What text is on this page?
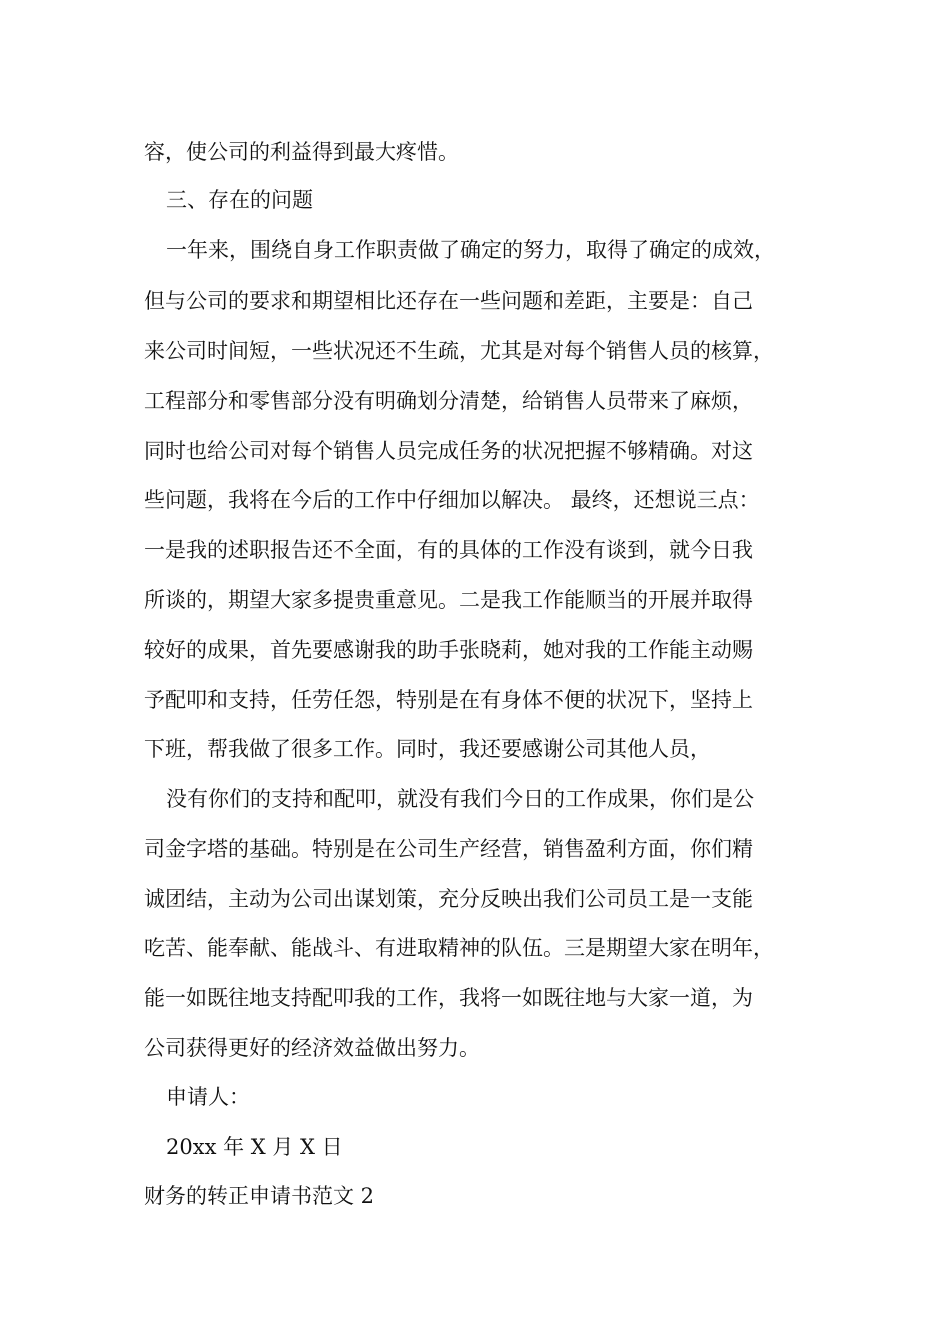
容，使公司的利益得到最大疼惜。
三、存在的问题
一年来，围绕自身工作职责做了确定的努力，取得了确定的成效，
但与公司的要求和期望相比还存在一些问题和差距，主要是：自己
来公司时间短，一些状况还不生疏，尤其是对每个销售人员的核算，
工程部分和零售部分没有明确划分清楚，给销售人员带来了麻烦，
同时也给公司对每个销售人员完成任务的状况把握不够精确。对这
些问题，我将在今后的工作中仔细加以解决。 最终，还想说三点：
一是我的述职报告还不全面，有的具体的工作没有谈到，就今日我
所谈的，期望大家多提贵重意见。二是我工作能顺当的开展并取得
较好的成果，首先要感谢我的助手张晓莉，她对我的工作能主动赐
予配叩和支持，任劳任怨，特别是在有身体不便的状况下，坚持上
下班，帮我做了很多工作。同时，我还要感谢公司其他人员，
没有你们的支持和配叩，就没有我们今日的工作成果，你们是公
司金字塔的基础。特别是在公司生产经营，销售盈利方面，你们精
诚团结，主动为公司出谋划策，充分反映出我们公司员工是一支能
吃苦、能奉献、能战斗、有进取精神的队伍。三是期望大家在明年，
能一如既往地支持配叩我的工作，我将一如既往地与大家一道，为
公司获得更好的经济效益做出努力。
申请人：
20xx 年 X 月 X 日
财务的转正申请书范文 2
